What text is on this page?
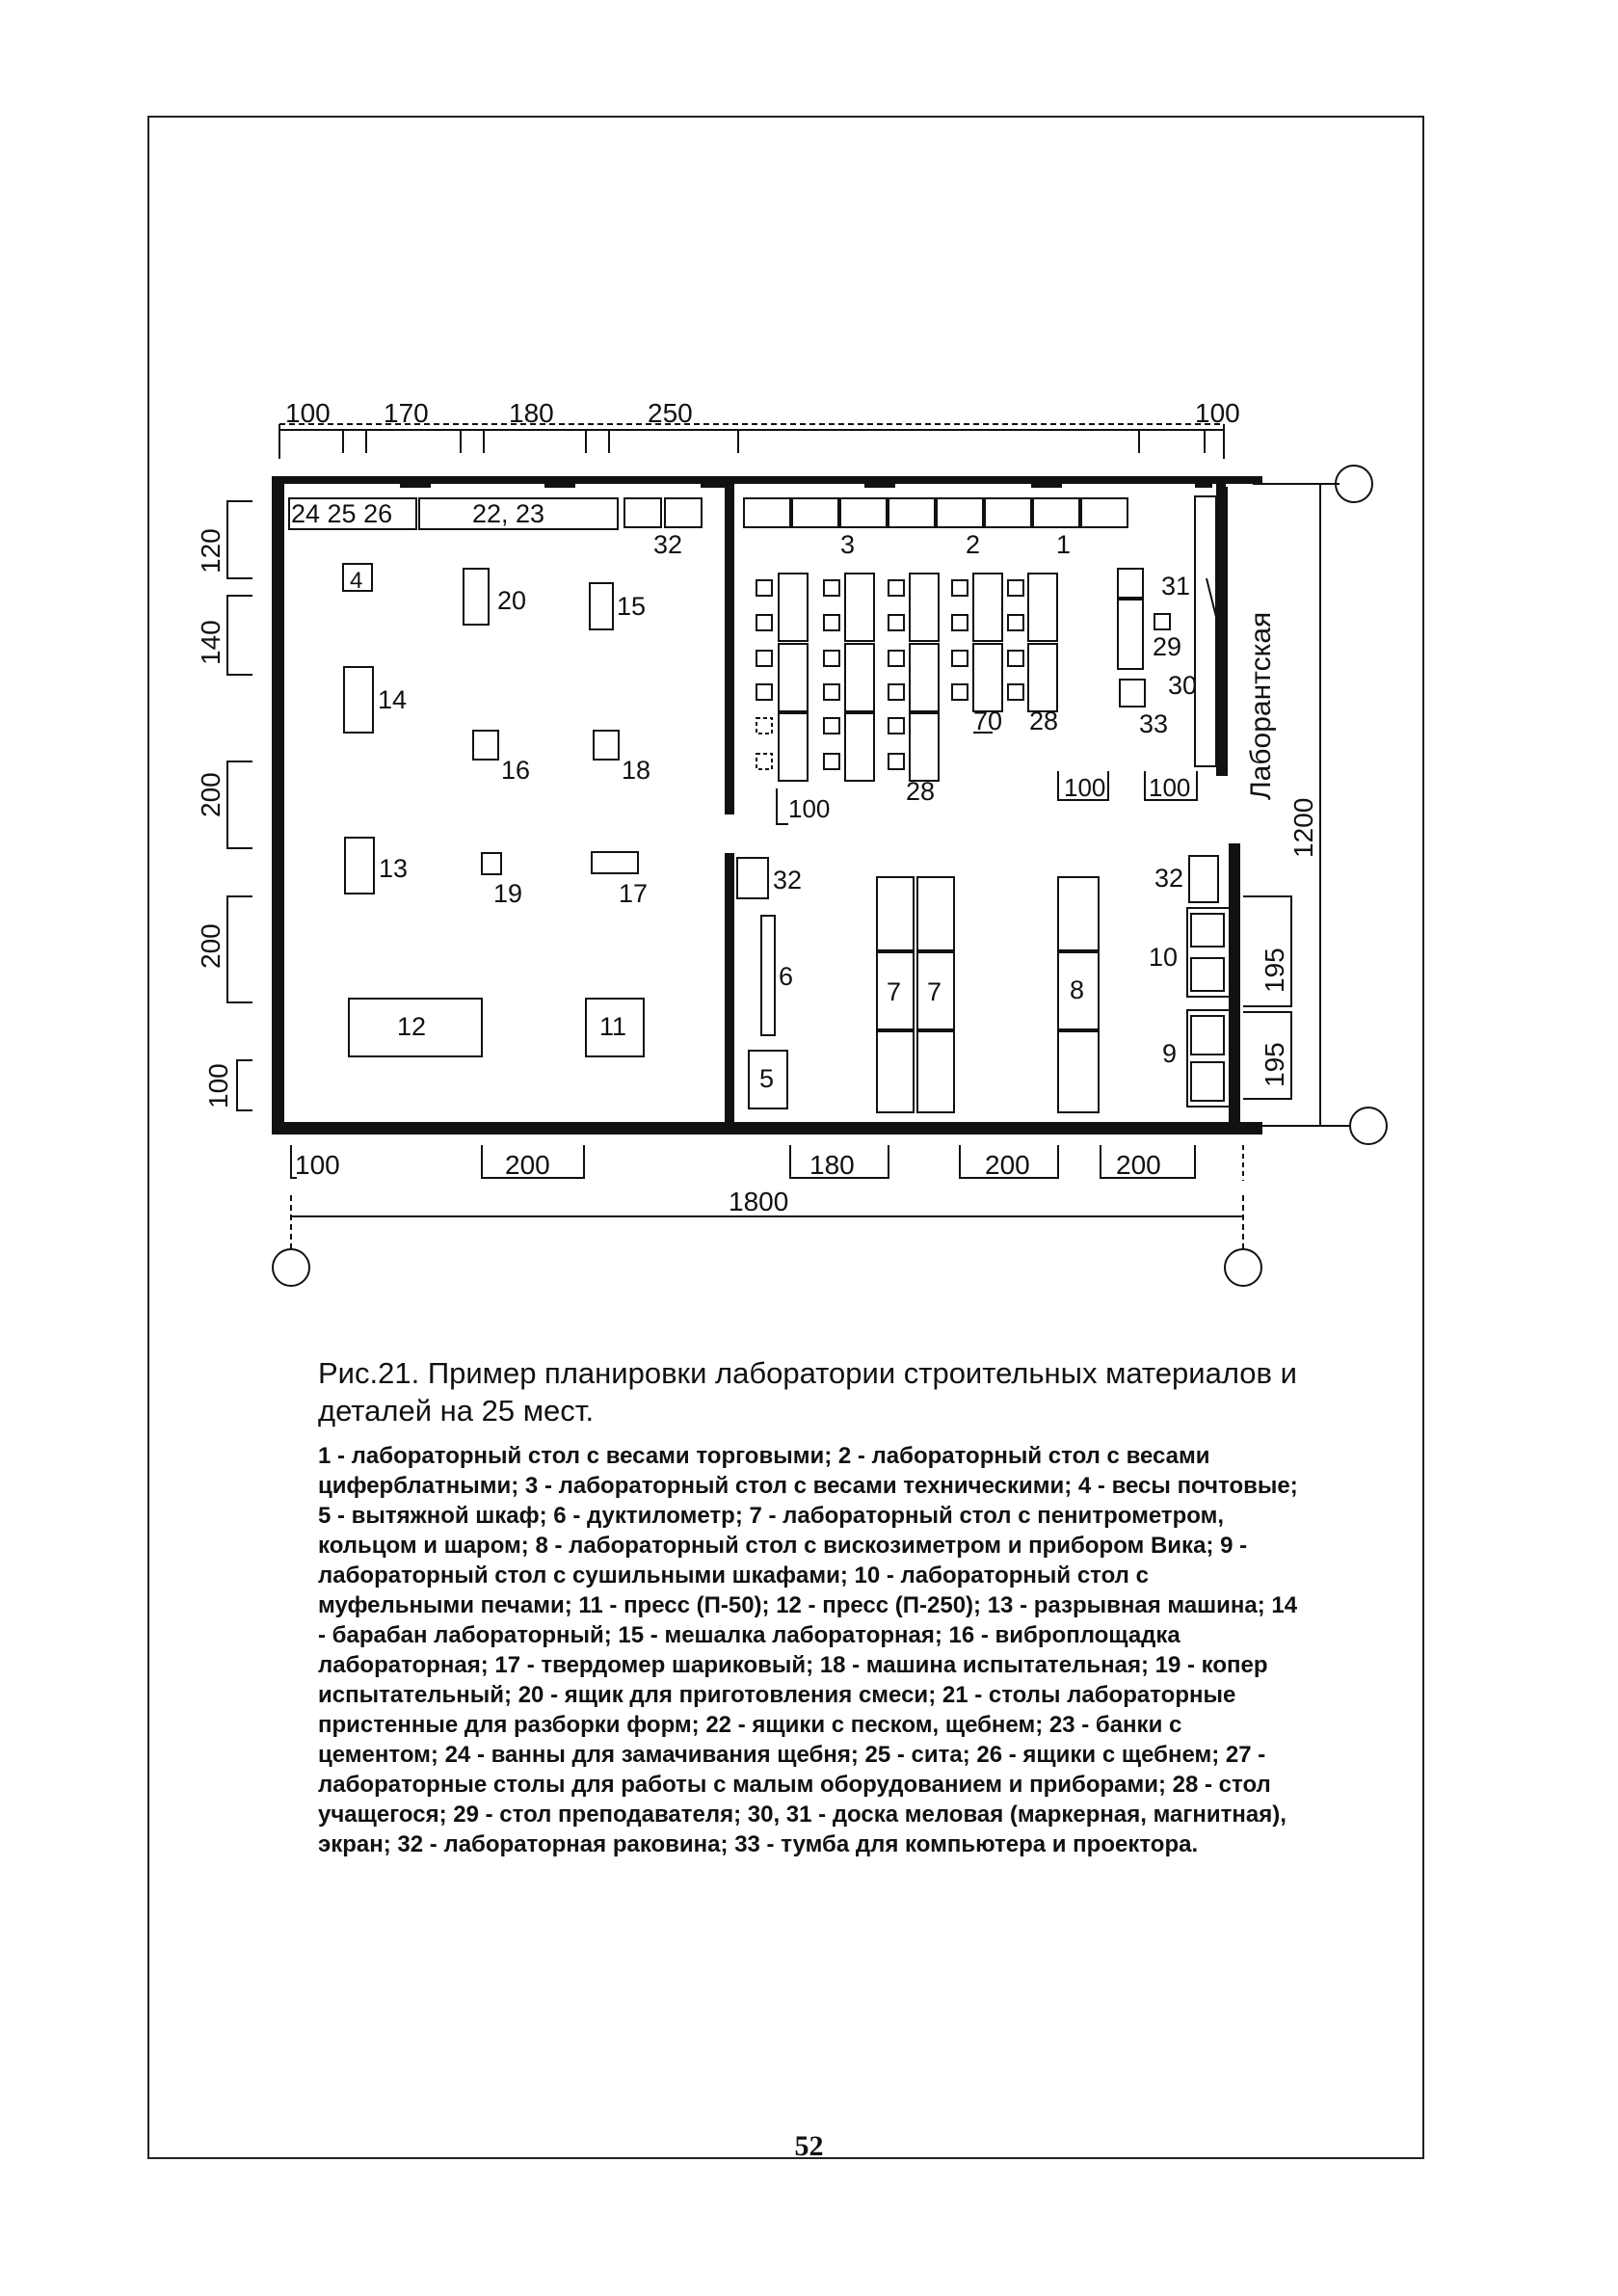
100 170	180	250	100
120
140
200
200
100
1200
195
195
100	200	180	200	200
1800
100
100 100 Лаборантская
24 25 26	22, 23
32	3	2	1
4
20	15
14
16	18
13
19	17
12	11
70 28
28
31
29
30
33
32	32
6
5
7 7	8
10
9

Рис.21. Пример планировки лаборатории строительных материалов и деталей на 25 мест.

1 - лабораторный стол с весами торговыми; 2 - лабораторный стол с весами циферблатными; 3 - лабораторный стол с весами техническими; 4 - весы почтовые; 5 - вытяжной шкаф; 6 - дуктилометр; 7 - лабораторный стол с пенитрометром, кольцом и шаром; 8 - лабораторный стол с вискозиметром и прибором Вика; 9 - лабораторный стол с сушильными шкафами; 10 - лабораторный стол с муфельными печами; 11 - пресс (П-50); 12 - пресс (П-250); 13 - разрывная машина; 14 - барабан лабораторный; 15 - мешалка лабораторная; 16 - виброплощадка лабораторная; 17 - твердомер шариковый; 18 - машина испытательная; 19 - копер испытательный; 20 - ящик для приготовления смеси; 21 - столы лабораторные пристенные для разборки форм; 22 - ящики с песком, щебнем; 23 - банки с цементом; 24 - ванны для замачивания щебня; 25 - сита; 26 - ящики с щебнем; 27 - лабораторные столы для работы с малым оборудованием и приборами; 28 - стол учащегося; 29 - стол преподавателя; 30, 31 - доска меловая (маркерная, магнитная), экран; 32 - лабораторная раковина; 33 - тумба для компьютера и проектора.

52
